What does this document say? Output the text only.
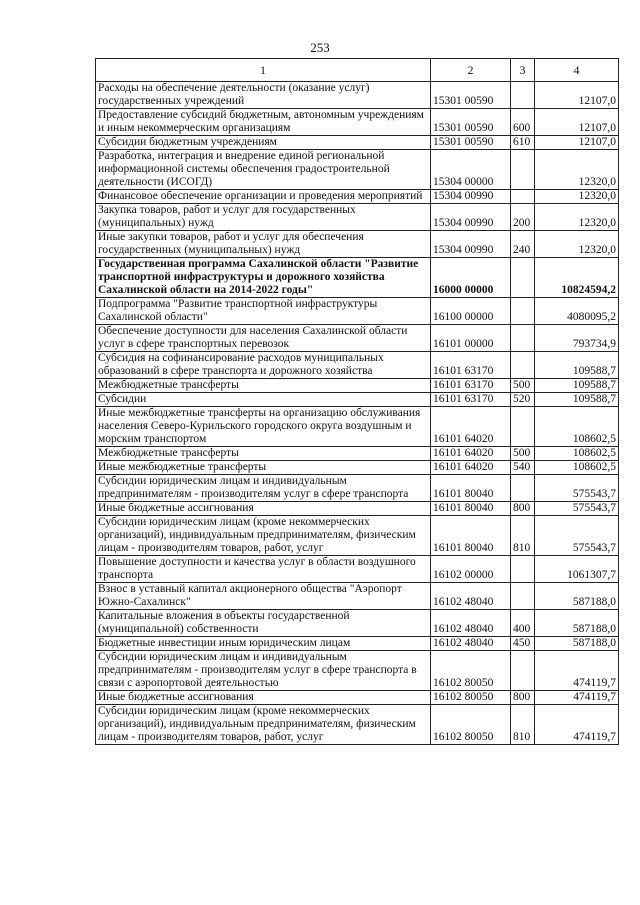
253
1	2	3	4
Расходы на обеспечение деятельности (оказание услуг) государственных учреждений	15301 00590		12107,0
Предоставление субсидий бюджетным, автономным учреждениям и иным некоммерческим организациям	15301 00590	600	12107,0
Субсидии бюджетным учреждениям	15301 00590	610	12107,0
Разработка, интеграция и внедрение единой региональной информационной системы обеспечения градостроительной деятельности (ИСОГД)	15304 00000		12320,0
Финансовое обеспечение организации и проведения мероприятий	15304 00990		12320,0
Закупка товаров, работ и услуг для государственных (муниципальных) нужд	15304 00990	200	12320,0
Иные закупки товаров, работ и услуг для обеспечения государственных (муниципальных) нужд	15304 00990	240	12320,0
Государственная программа Сахалинской области "Развитие транспортной инфраструктуры и дорожного хозяйства Сахалинской области на 2014-2022 годы"	16000 00000		10824594,2
Подпрограмма "Развитие транспортной инфраструктуры Сахалинской области"	16100 00000		4080095,2
Обеспечение доступности для населения Сахалинской области услуг в сфере транспортных перевозок	16101 00000		793734,9
Субсидия на софинансирование расходов муниципальных образований в сфере транспорта и дорожного хозяйства	16101 63170		109588,7
Межбюджетные трансферты	16101 63170	500	109588,7
Субсидии	16101 63170	520	109588,7
Иные межбюджетные трансферты на организацию обслуживания населения Северо-Курильского городского округа воздушным и морским транспортом	16101 64020		108602,5
Межбюджетные трансферты	16101 64020	500	108602,5
Иные межбюджетные трансферты	16101 64020	540	108602,5
Субсидии юридическим лицам и индивидуальным предпринимателям - производителям услуг в сфере транспорта	16101 80040		575543,7
Иные бюджетные ассигнования	16101 80040	800	575543,7
Субсидии юридическим лицам (кроме некоммерческих организаций), индивидуальным предпринимателям, физическим лицам - производителям товаров, работ, услуг	16101 80040	810	575543,7
Повышение доступности и качества услуг в области воздушного транспорта	16102 00000		1061307,7
Взнос в уставный капитал акционерного общества "Аэропорт Южно-Сахалинск"	16102 48040		587188,0
Капитальные вложения в объекты государственной (муниципальной) собственности	16102 48040	400	587188,0
Бюджетные инвестиции иным юридическим лицам	16102 48040	450	587188,0
Субсидии юридическим лицам и индивидуальным предпринимателям - производителям услуг в сфере транспорта в связи с аэропортовой деятельностью	16102 80050		474119,7
Иные бюджетные ассигнования	16102 80050	800	474119,7
Субсидии юридическим лицам (кроме некоммерческих организаций), индивидуальным предпринимателям, физическим лицам - производителям товаров, работ, услуг	16102 80050	810	474119,7
